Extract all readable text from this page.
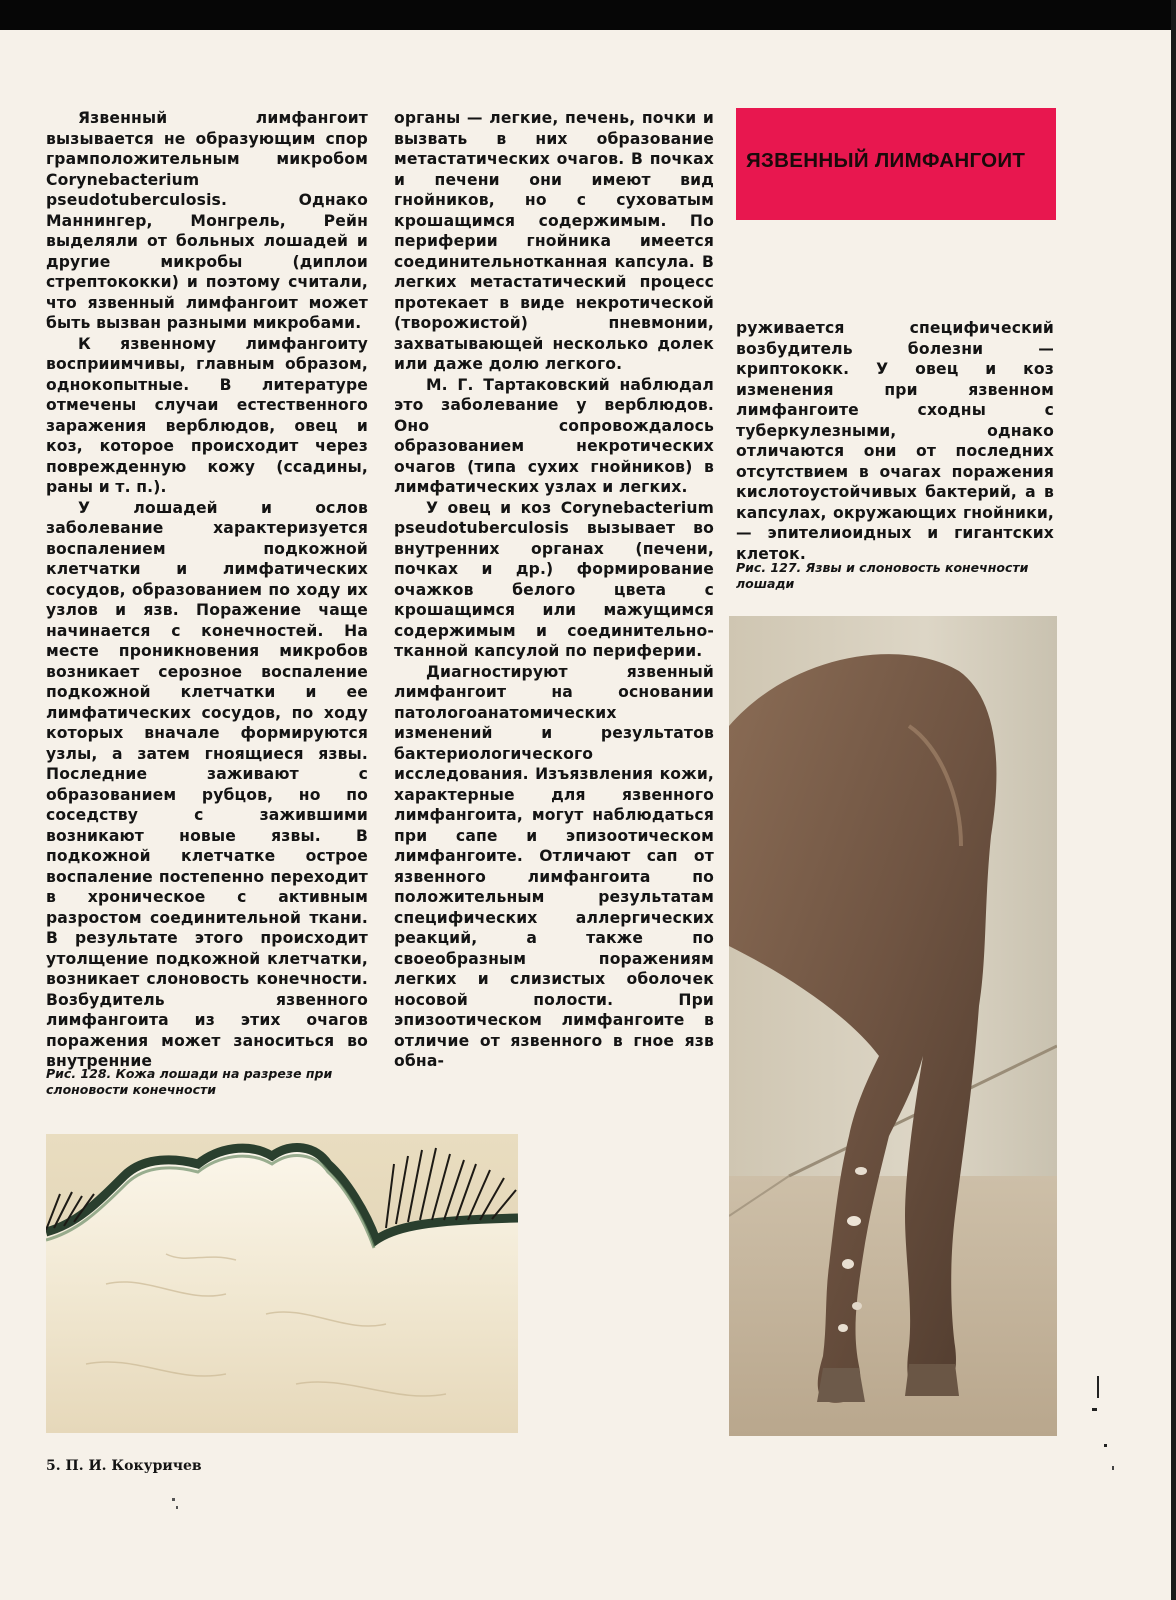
Язвенный лимфангоит вызывается не образующим спор грамположительным микробом Corynebacterium pseudotuberculosis. Однако Маннингер, Монгрель, Рейн выделяли от больных лошадей и другие микробы (диплои стрептококки) и поэтому считали, что язвенный лимфангоит может быть вызван разными микробами.

К язвенному лимфангоиту восприимчивы, главным образом, однокопытные. В литературе отмечены случаи естественного заражения верблюдов, овец и коз, которое происходит через поврежденную кожу (ссадины, раны и т. п.).

У лошадей и ослов заболевание характеризуется воспалением подкожной клетчатки и лимфатических сосудов, образованием по ходу их узлов и язв. Поражение чаще начинается с конечностей. На месте проникновения микробов возникает серозное воспаление подкожной клетчатки и ее лимфатических сосудов, по ходу которых вначале формируются узлы, а затем гноящиеся язвы. Последние заживают с образованием рубцов, но по соседству с зажившими возникают новые язвы. В подкожной клетчатке острое воспаление постепенно переходит в хроническое с активным разростом соединительной ткани. В результате этого происходит утолщение подкожной клетчатки, возникает слоновость конечности. Возбудитель язвенного лимфангоита из этих очагов поражения может заноситься во внутренние

органы — легкие, печень, почки и вызвать в них образование метастатических очагов. В почках и печени они имеют вид гнойников, но с суховатым крошащимся содержимым. По периферии гнойника имеется соединительнотканная капсула. В легких метастатический процесс протекает в виде некротической (творожистой) пневмонии, захватывающей несколько долек или даже долю легкого.

М. Г. Тартаковский наблюдал это заболевание у верблюдов. Оно сопровождалось образованием некротических очагов (типа сухих гнойников) в лимфатических узлах и легких.

У овец и коз Corynebacterium pseudotuberculosis вызывает во внутренних органах (печени, почках и др.) формирование очажков белого цвета с крошащимся или мажущимся содержимым и соединительно-тканной капсулой по периферии.

Диагностируют язвенный лимфангоит на основании патологоанатомических изменений и результатов бактериологического исследования. Изъязвления кожи, характерные для язвенного лимфангоита, могут наблюдаться при сапе и эпизоотическом лимфангоите. Отличают сап от язвенного лимфангоита по положительным результатам специфических аллергических реакций, а также по своеобразным поражениям легких и слизистых оболочек носовой полости. При эпизоотическом лимфангоите в отличие от язвенного в гное язв обна-

ЯЗВЕННЫЙ ЛИМФАНГОИТ

руживается специфический возбудитель болезни — криптококк. У овец и коз изменения при язвенном лимфангоите сходны с туберкулезными, однако отличаются они от последних отсутствием в очагах поражения кислотоустойчивых бактерий, а в капсулах, окружающих гнойники,— эпителиоидных и гигантских клеток.

Рис. 127. Язвы и слоновость конечности лошади
Рис. 128. Кожа лошади на разрезе при слоновости конечности
5. П. И. Кокуричев
